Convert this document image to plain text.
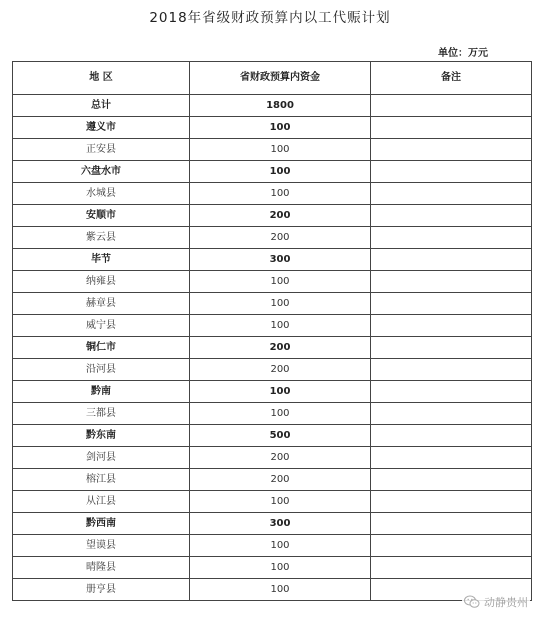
2018年省级财政预算内以工代赈计划
单位：万元
地 区	省财政预算内资金	备注
总计	1800	
遵义市	100	
正安县	100	
六盘水市	100	
水城县	100	
安顺市	200	
紫云县	200	
毕节	300	
纳雍县	100	
赫章县	100	
威宁县	100	
铜仁市	200	
沿河县	200	
黔南	100	
三都县	100	
黔东南	500	
剑河县	200	
榕江县	200	
从江县	100	
黔西南	300	
望谟县	100	
晴隆县	100	
册亨县	100	
动静贵州
